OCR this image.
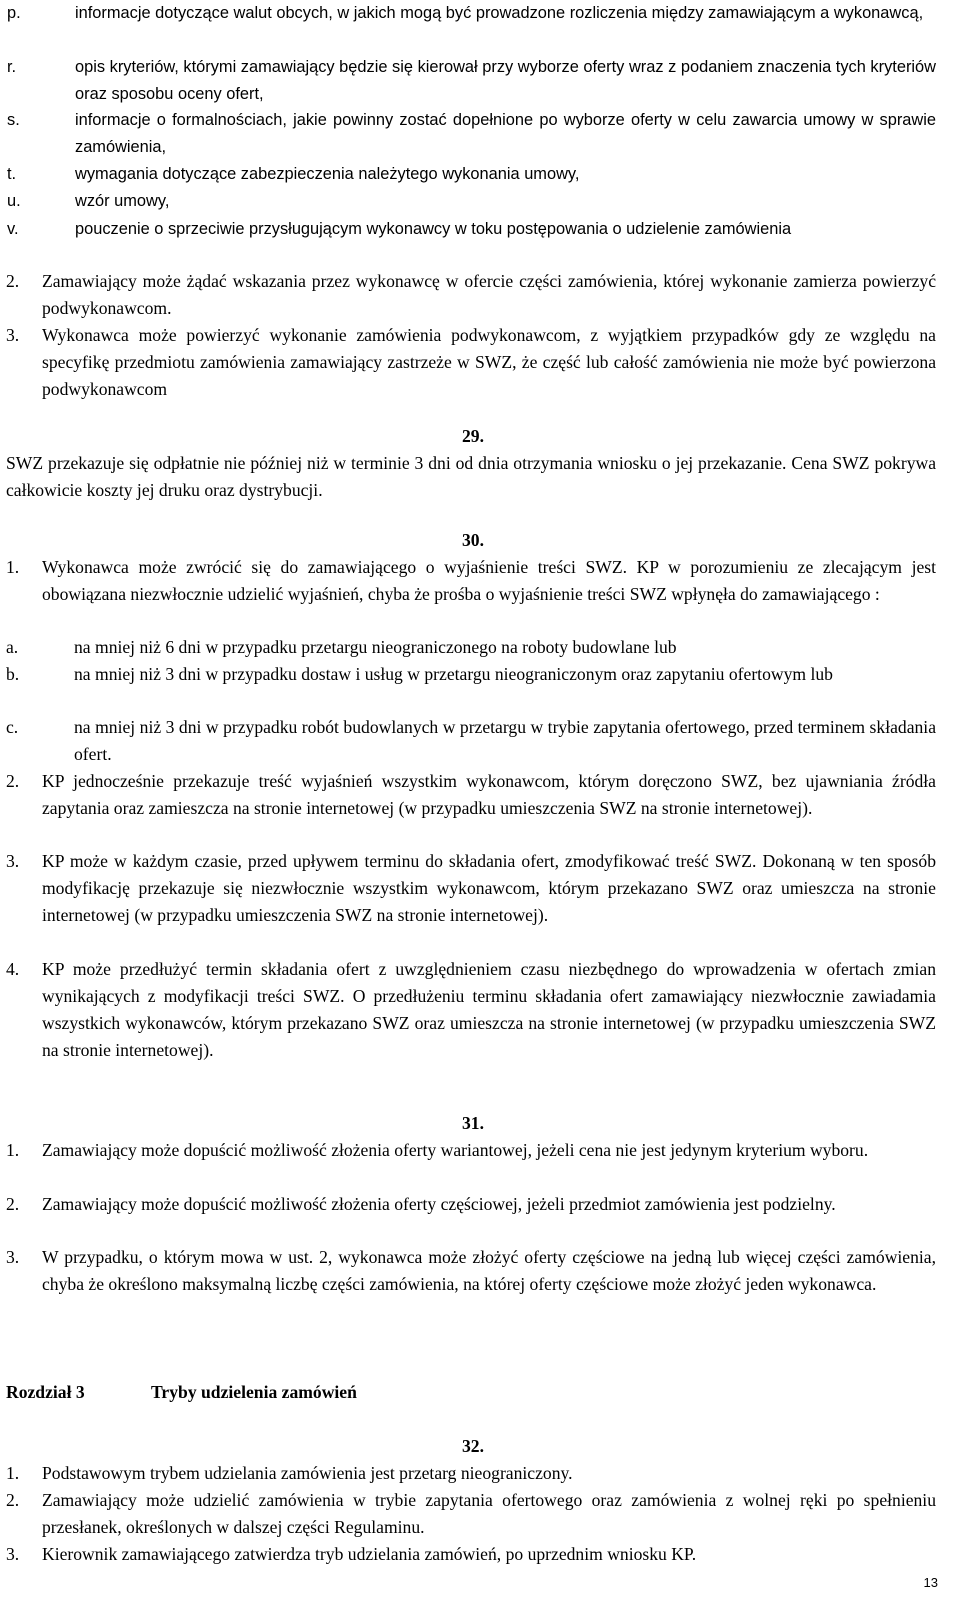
p.	informacje dotyczące walut obcych, w jakich mogą być prowadzone rozliczenia między zamawiającym a wykonawcą,
r.	opis kryteriów, którymi zamawiający będzie się kierował przy wyborze oferty wraz z podaniem znaczenia tych kryteriów oraz sposobu oceny ofert,
s.	informacje o formalnościach, jakie powinny zostać dopełnione po wyborze oferty w celu zawarcia umowy w sprawie zamówienia,
t.	wymagania dotyczące zabezpieczenia należytego wykonania umowy,
u.	wzór umowy,
v.	pouczenie o sprzeciwie przysługującym wykonawcy w toku postępowania o udzielenie zamówienia
2. Zamawiający może żądać wskazania przez wykonawcę w ofercie części zamówienia, której wykonanie zamierza powierzyć podwykonawcom.
3. Wykonawca może powierzyć wykonanie zamówienia podwykonawcom, z wyjątkiem przypadków gdy ze względu na specyfikę przedmiotu zamówienia zamawiający zastrzeże w SWZ, że część lub całość zamówienia nie może być powierzona podwykonawcom
29.
SWZ przekazuje się odpłatnie nie później niż w terminie 3 dni od dnia otrzymania wniosku o jej przekazanie. Cena SWZ pokrywa całkowicie koszty jej druku oraz dystrybucji.
30.
1. Wykonawca może zwrócić się do zamawiającego o wyjaśnienie treści SWZ. KP w porozumieniu ze zlecającym jest obowiązana niezwłocznie udzielić wyjaśnień, chyba że prośba o wyjaśnienie treści SWZ wpłynęła do zamawiającego :
a.	na mniej niż 6 dni w przypadku przetargu nieograniczonego na roboty budowlane lub
b.	na mniej niż 3 dni w przypadku dostaw i usług w przetargu nieograniczonym oraz zapytaniu ofertowym lub
c.	na mniej niż 3 dni w przypadku robót budowlanych w przetargu w trybie zapytania ofertowego, przed terminem składania ofert.
2. KP jednocześnie przekazuje treść wyjaśnień wszystkim wykonawcom, którym doręczono SWZ, bez ujawniania źródła zapytania oraz zamieszcza na stronie internetowej (w przypadku umieszczenia SWZ na stronie internetowej).
3. KP może w każdym czasie, przed upływem terminu do składania ofert, zmodyfikować treść SWZ. Dokonaną w ten sposób modyfikację przekazuje się niezwłocznie wszystkim wykonawcom, którym przekazano SWZ oraz umieszcza na stronie internetowej (w przypadku umieszczenia SWZ na stronie internetowej).
4. KP może przedłużyć termin składania ofert z uwzględnieniem czasu niezbędnego do wprowadzenia w ofertach zmian wynikających z modyfikacji treści SWZ. O przedłużeniu terminu składania ofert zamawiający niezwłocznie zawiadamia wszystkich wykonawców, którym przekazano SWZ oraz umieszcza na stronie internetowej (w przypadku umieszczenia SWZ na stronie internetowej).
31.
1. Zamawiający może dopuścić możliwość złożenia oferty wariantowej, jeżeli cena nie jest jedynym kryterium wyboru.
2. Zamawiający może dopuścić możliwość złożenia oferty częściowej, jeżeli przedmiot zamówienia jest podzielny.
3. W przypadku, o którym mowa w ust. 2, wykonawca może złożyć oferty częściowe na jedną lub więcej części zamówienia, chyba że określono maksymalną liczbę części zamówienia, na której oferty częściowe może złożyć jeden wykonawca.
Rozdział 3	Tryby udzielenia zamówień
32.
1. Podstawowym trybem udzielania zamówienia jest przetarg nieograniczony.
2. Zamawiający może udzielić zamówienia w trybie zapytania ofertowego oraz zamówienia z wolnej ręki po spełnieniu przesłanek, określonych w dalszej części Regulaminu.
3. Kierownik zamawiającego zatwierdza tryb udzielania zamówień, po uprzednim wniosku KP.
13
